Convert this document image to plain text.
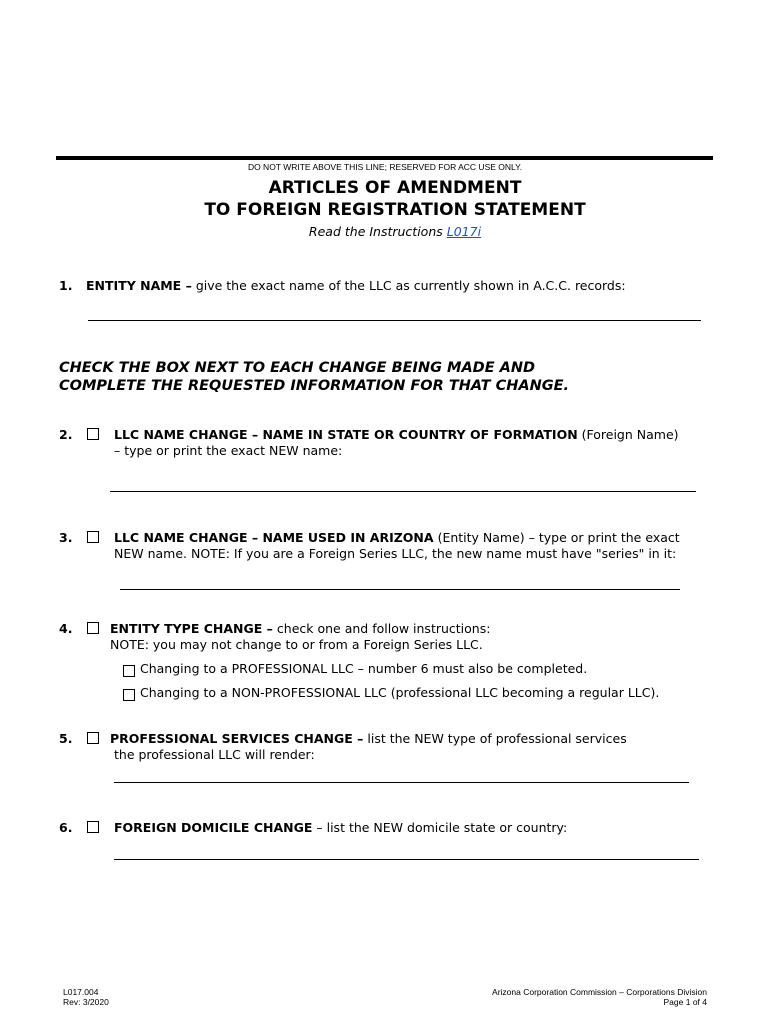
DO NOT WRITE ABOVE THIS LINE; RESERVED FOR ACC USE ONLY.
ARTICLES OF AMENDMENT
TO FOREIGN REGISTRATION STATEMENT
Read the Instructions L017i
1. ENTITY NAME – give the exact name of the LLC as currently shown in A.C.C. records:
CHECK THE BOX NEXT TO EACH CHANGE BEING MADE AND
COMPLETE THE REQUESTED INFORMATION FOR THAT CHANGE.
2.	LLC NAME CHANGE – NAME IN STATE OR COUNTRY OF FORMATION (Foreign Name)
– type or print the exact NEW name:
3.	LLC NAME CHANGE – NAME USED IN ARIZONA (Entity Name) – type or print the exact
NEW name. NOTE: If you are a Foreign Series LLC, the new name must have "series" in it:
4.	ENTITY TYPE CHANGE – check one and follow instructions:
NOTE: you may not change to or from a Foreign Series LLC.
Changing to a PROFESSIONAL LLC – number 6 must also be completed.
Changing to a NON-PROFESSIONAL LLC (professional LLC becoming a regular LLC).
5.	PROFESSIONAL SERVICES CHANGE – list the NEW type of professional services
the professional LLC will render:
6.	FOREIGN DOMICILE CHANGE – list the NEW domicile state or country:
L017.004
Rev: 3/2020
Arizona Corporation Commission – Corporations Division
Page 1 of 4
